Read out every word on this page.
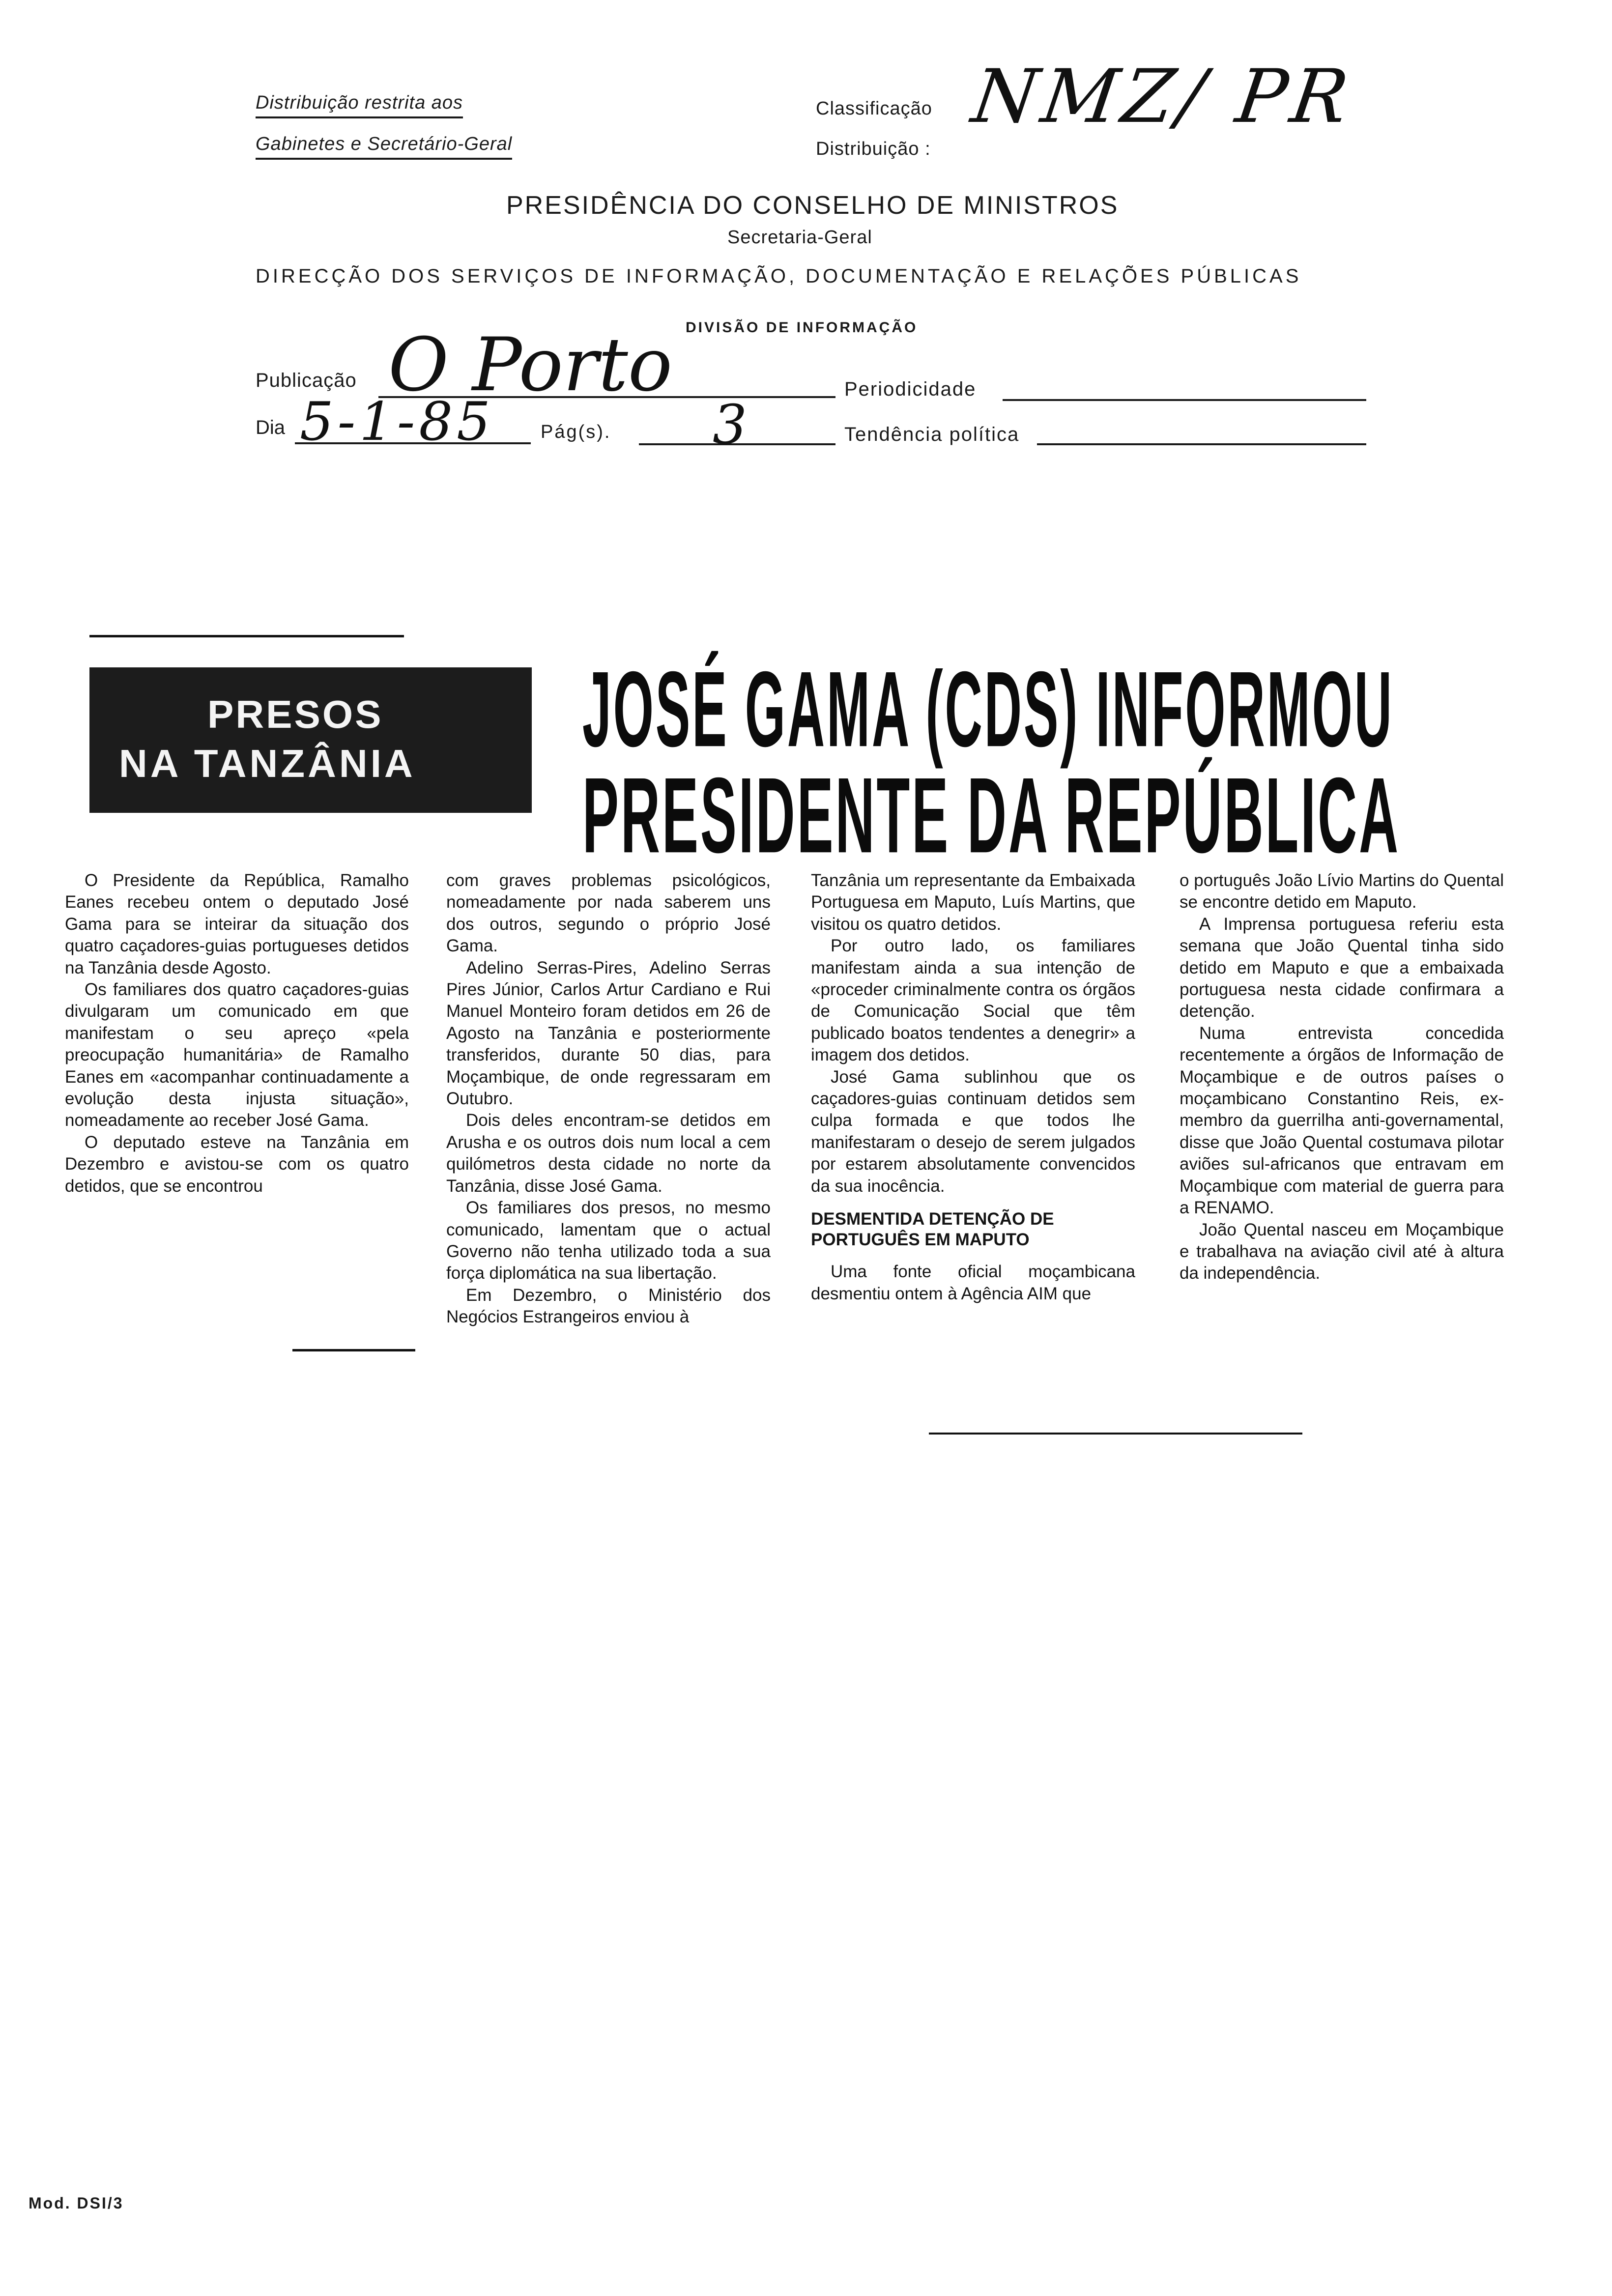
Distribuição restrita aos
Gabinetes e Secretário-Geral
Classificação
Distribuição :
NMZ/ PR
PRESIDÊNCIA DO CONSELHO DE MINISTROS
Secretaria-Geral
DIRECÇÃO DOS SERVIÇOS DE INFORMAÇÃO, DOCUMENTAÇÃO E RELAÇÕES PÚBLICAS
DIVISÃO DE INFORMAÇÃO
Publicação O Porto	Periodicidade
Dia 5-1-85 Pág(s). 3	Tendência política
PRESOS
NA TANZÂNIA JOSÉ GAMA (CDS) INFORMOU
PRESIDENTE DA REPÚBLICA

O Presidente da República, Ramalho Eanes recebeu ontem o deputado José Gama para se inteirar da situação dos quatro caçadores-guias portugueses detidos na Tanzânia desde Agosto.

Os familiares dos quatro caçadores-guias divulgaram um comunicado em que manifestam o seu apreço «pela preocupação humanitária» de Ramalho Eanes em «acompanhar continuadamente a evolução desta injusta situação», nomeadamente ao receber José Gama.

O deputado esteve na Tanzânia em Dezembro e avistou-se com os quatro detidos, que se encontrou

com graves problemas psicológicos, nomeadamente por nada saberem uns dos outros, segundo o próprio José Gama.

Adelino Serras-Pires, Adelino Serras Pires Júnior, Carlos Artur Cardiano e Rui Manuel Monteiro foram detidos em 26 de Agosto na Tanzânia e posteriormente transferidos, durante 50 dias, para Moçambique, de onde regressaram em Outubro.

Dois deles encontram-se detidos em Arusha e os outros dois num local a cem quilómetros desta cidade no norte da Tanzânia, disse José Gama.

Os familiares dos presos, no mesmo comunicado, lamentam que o actual Governo não tenha utilizado toda a sua força diplomática na sua libertação.

Em Dezembro, o Ministério dos Negócios Estrangeiros enviou à

Tanzânia um representante da Embaixada Portuguesa em Maputo, Luís Martins, que visitou os quatro detidos.

Por outro lado, os familiares manifestam ainda a sua intenção de «proceder criminalmente contra os órgãos de Comunicação Social que têm publicado boatos tendentes a denegrir» a imagem dos detidos.

José Gama sublinhou que os caçadores-guias continuam detidos sem culpa formada e que todos lhe manifestaram o desejo de serem julgados por estarem absolutamente convencidos da sua inocência.

DESMENTIDA DETENÇÃO DE PORTUGUÊS EM MAPUTO

Uma fonte oficial moçambicana desmentiu ontem à Agência AIM que

o português João Lívio Martins do Quental se encontre detido em Maputo.

A Imprensa portuguesa referiu esta semana que João Quental tinha sido detido em Maputo e que a embaixada portuguesa nesta cidade confirmara a detenção.

Numa entrevista concedida recentemente a órgãos de Informação de Moçambique e de outros países o moçambicano Constantino Reis, ex-membro da guerrilha anti-governamental, disse que João Quental costumava pilotar aviões sul-africanos que entravam em Moçambique com material de guerra para a RENAMO.

João Quental nasceu em Moçambique e trabalhava na aviação civil até à altura da independência.

Mod. DSI/3
